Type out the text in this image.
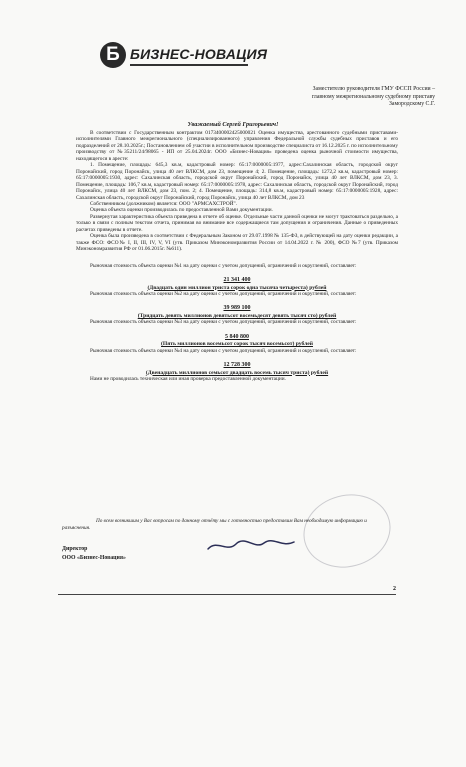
Б БИЗНЕС-НОВАЦИЯ
Заместителю руководителя ГМУ ФССП России –
главному межрегиональному судебному приставу
Замородскому С.Г.
Уважаемый Сергей Григорьевич!

В соответствии с Государственным контрактом 0173400002425000021 Оценка имущества, арестованного судебными приставами-исполнителями Главного межрегионального (специализированного) управления Федеральной службы судебных приставов и его подразделений от 28.10.2025г.; Постановлением об участии в исполнительном производстве специалиста от 16.12.2025 г. по исполнительному производству от №35211/24/98065 - ИП от 25.04.2024г. ООО «Бизнес-Новация» проведена оценка рыночной стоимости имущества, находящегося в аресте:

1. Помещение, площадь: 645,3 кв.м, кадастровый номер: 65:17:0000005:1977, адрес:Сахалинская область, городской округ Поронайский, город Поронайск, улица 40 лет ВЛКСМ, дом 23, помещение 4; 2. Помещение, площадь: 1272,2 кв.м, кадастровый номер: 65:17:0000005:1930, адрес: Сахалинская область, городской округ Поронайский, город Поронайск, улица 40 лет ВЛКСМ, дом 23, 3. Помещение, площадь: 106,7 кв.м, кадастровый номер: 65:17:0000005:1978, адрес: Сахалинская область, городской округ Поронайский, город Поронайск, улица 40 лет ВЛКСМ, дом 23, пом. 2; 4. Помещение, площадь: 314,8 кв.м, кадастровый номер: 65:17:0000005:1928, адрес: Сахалинская область, городской округ Поронайский, город Поронайск, улица 40 лет ВЛКСМ, дом 23

Собственником (должником) является: ООО "АРМСАХСТРОЙ".

Оценка объекта оценки производилась по предоставленной Вами документации.

Развернутая характеристика объекта приведена в отчете об оценке. Отдельные части данной оценки не могут трактоваться раздельно, а только в связи с полным текстом отчета, принимая во внимание все содержащиеся там допущения и ограничения. Данные о приведенных расчетах приведены в отчете.

Оценка была произведена в соответствии с Федеральным Законом от 29.07.1998 № 135-ФЗ, в действующей на дату оценки редакции, а также ФСО: ФСО№ I, II, III, IV, V, VI (утв. Приказом Минэкономразвития России от 14.04.2022 г. № 200), ФСО №7 (утв. Приказом Минэкономразвития РФ от 01.06.2015г. №611).

Рыночная стоимость объекта оценки №1 на дату оценки с учетом допущений, ограничений и округлений, составляет:

21 341 400
(Двадцать один миллион триста сорок одна тысяча четыреста) рублей

Рыночная стоимость объекта оценки №2 на дату оценки с учетом допущений, ограничений и округлений, составляет:

39 989 100
(Тридцать девять миллионов девятьсот восемьдесят девять тысяч сто) рублей

Рыночная стоимость объекта оценки №3 на дату оценки с учетом допущений, ограничений и округлений, составляет:

5 840 800
(Пять миллионов восемьсот сорок тысяч восемьсот) рублей

Рыночная стоимость объекта оценки №4 на дату оценки с учетом допущений, ограничений и округлений, составляет:

12 728 300
(Двенадцать миллионов семьсот двадцать восемь тысяч триста) рублей

Нами не проводилась техническая или иная проверка предоставленной документации.

По всем возникшим у Вас вопросам по данному отчёту мы с готовностью предоставим Вам необходимую информацию и разъяснения.
Директор
ООО «Бизнес-Новация»
2
